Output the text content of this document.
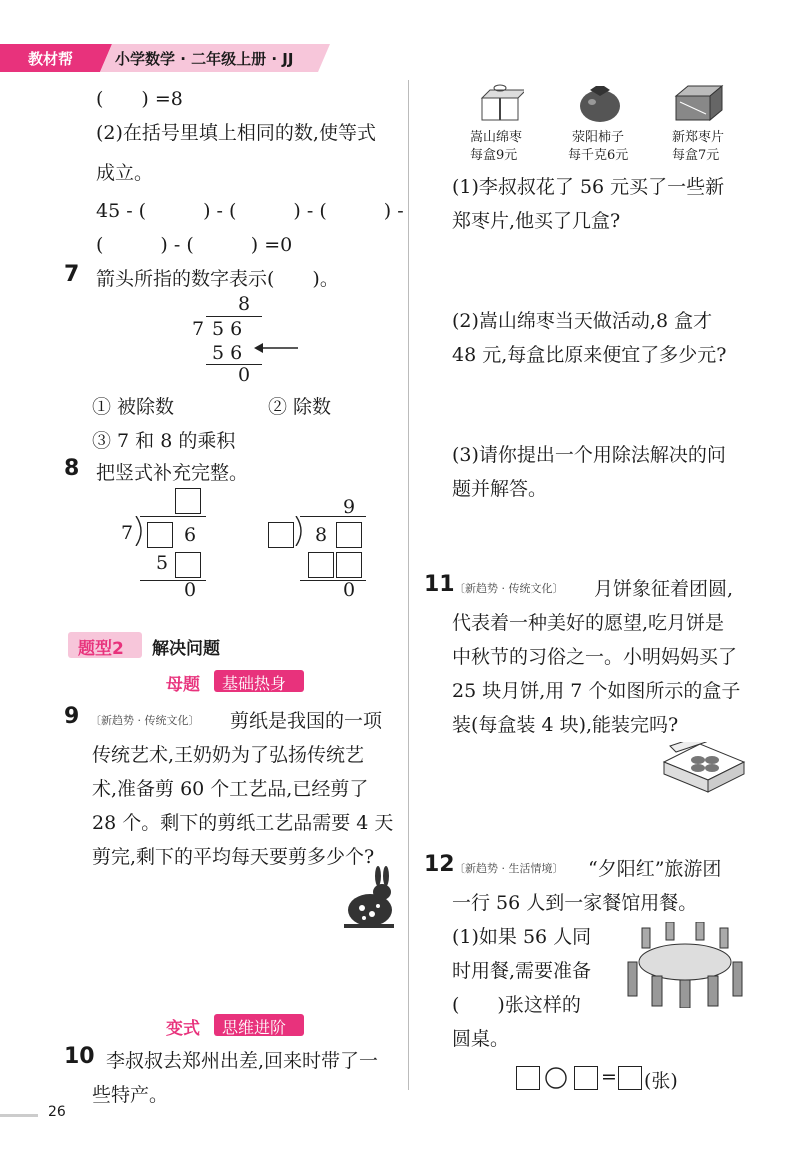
教材帮	小学数学 · 二年级上册 · JJ
(　　) =8
(2)在括号里填上相同的数,使等式
成立。
45 - (　　　) - (　　　) - (　　　) -
(　　　) - (　　　) =0
7 箭头所指的数字表示(　　)。
8
7 5 6
5 6
0
① 被除数	② 除数
③ 7 和 8 的乘积
8 把竖式补充完整。
7	6
5
0
9
8
0
题型2 解决问题
母题 基础热身
9 〔新趋势 · 传统文化〕 剪纸是我国的一项
传统艺术,王奶奶为了弘扬传统艺
术,准备剪 60 个工艺品,已经剪了
28 个。剩下的剪纸工艺品需要 4 天
剪完,剩下的平均每天要剪多少个?
变式 思维进阶
10 李叔叔去郑州出差,回来时带了一
些特产。
26
嵩山绵枣
每盒9元
荥阳柿子
每千克6元
新郑枣片
每盒7元
(1)李叔叔花了 56 元买了一些新
郑枣片,他买了几盒?
(2)嵩山绵枣当天做活动,8 盒才
48 元,每盒比原来便宜了多少元?
(3)请你提出一个用除法解决的问
题并解答。
11 〔新趋势 · 传统文化〕 月饼象征着团圆,
代表着一种美好的愿望,吃月饼是
中秋节的习俗之一。小明妈妈买了
25 块月饼,用 7 个如图所示的盒子
装(每盒装 4 块),能装完吗?
12 〔新趋势 · 生活情境〕 “夕阳红”旅游团
一行 56 人到一家餐馆用餐。
(1)如果 56 人同
时用餐,需要准备
(　　)张这样的
圆桌。
= (张)
